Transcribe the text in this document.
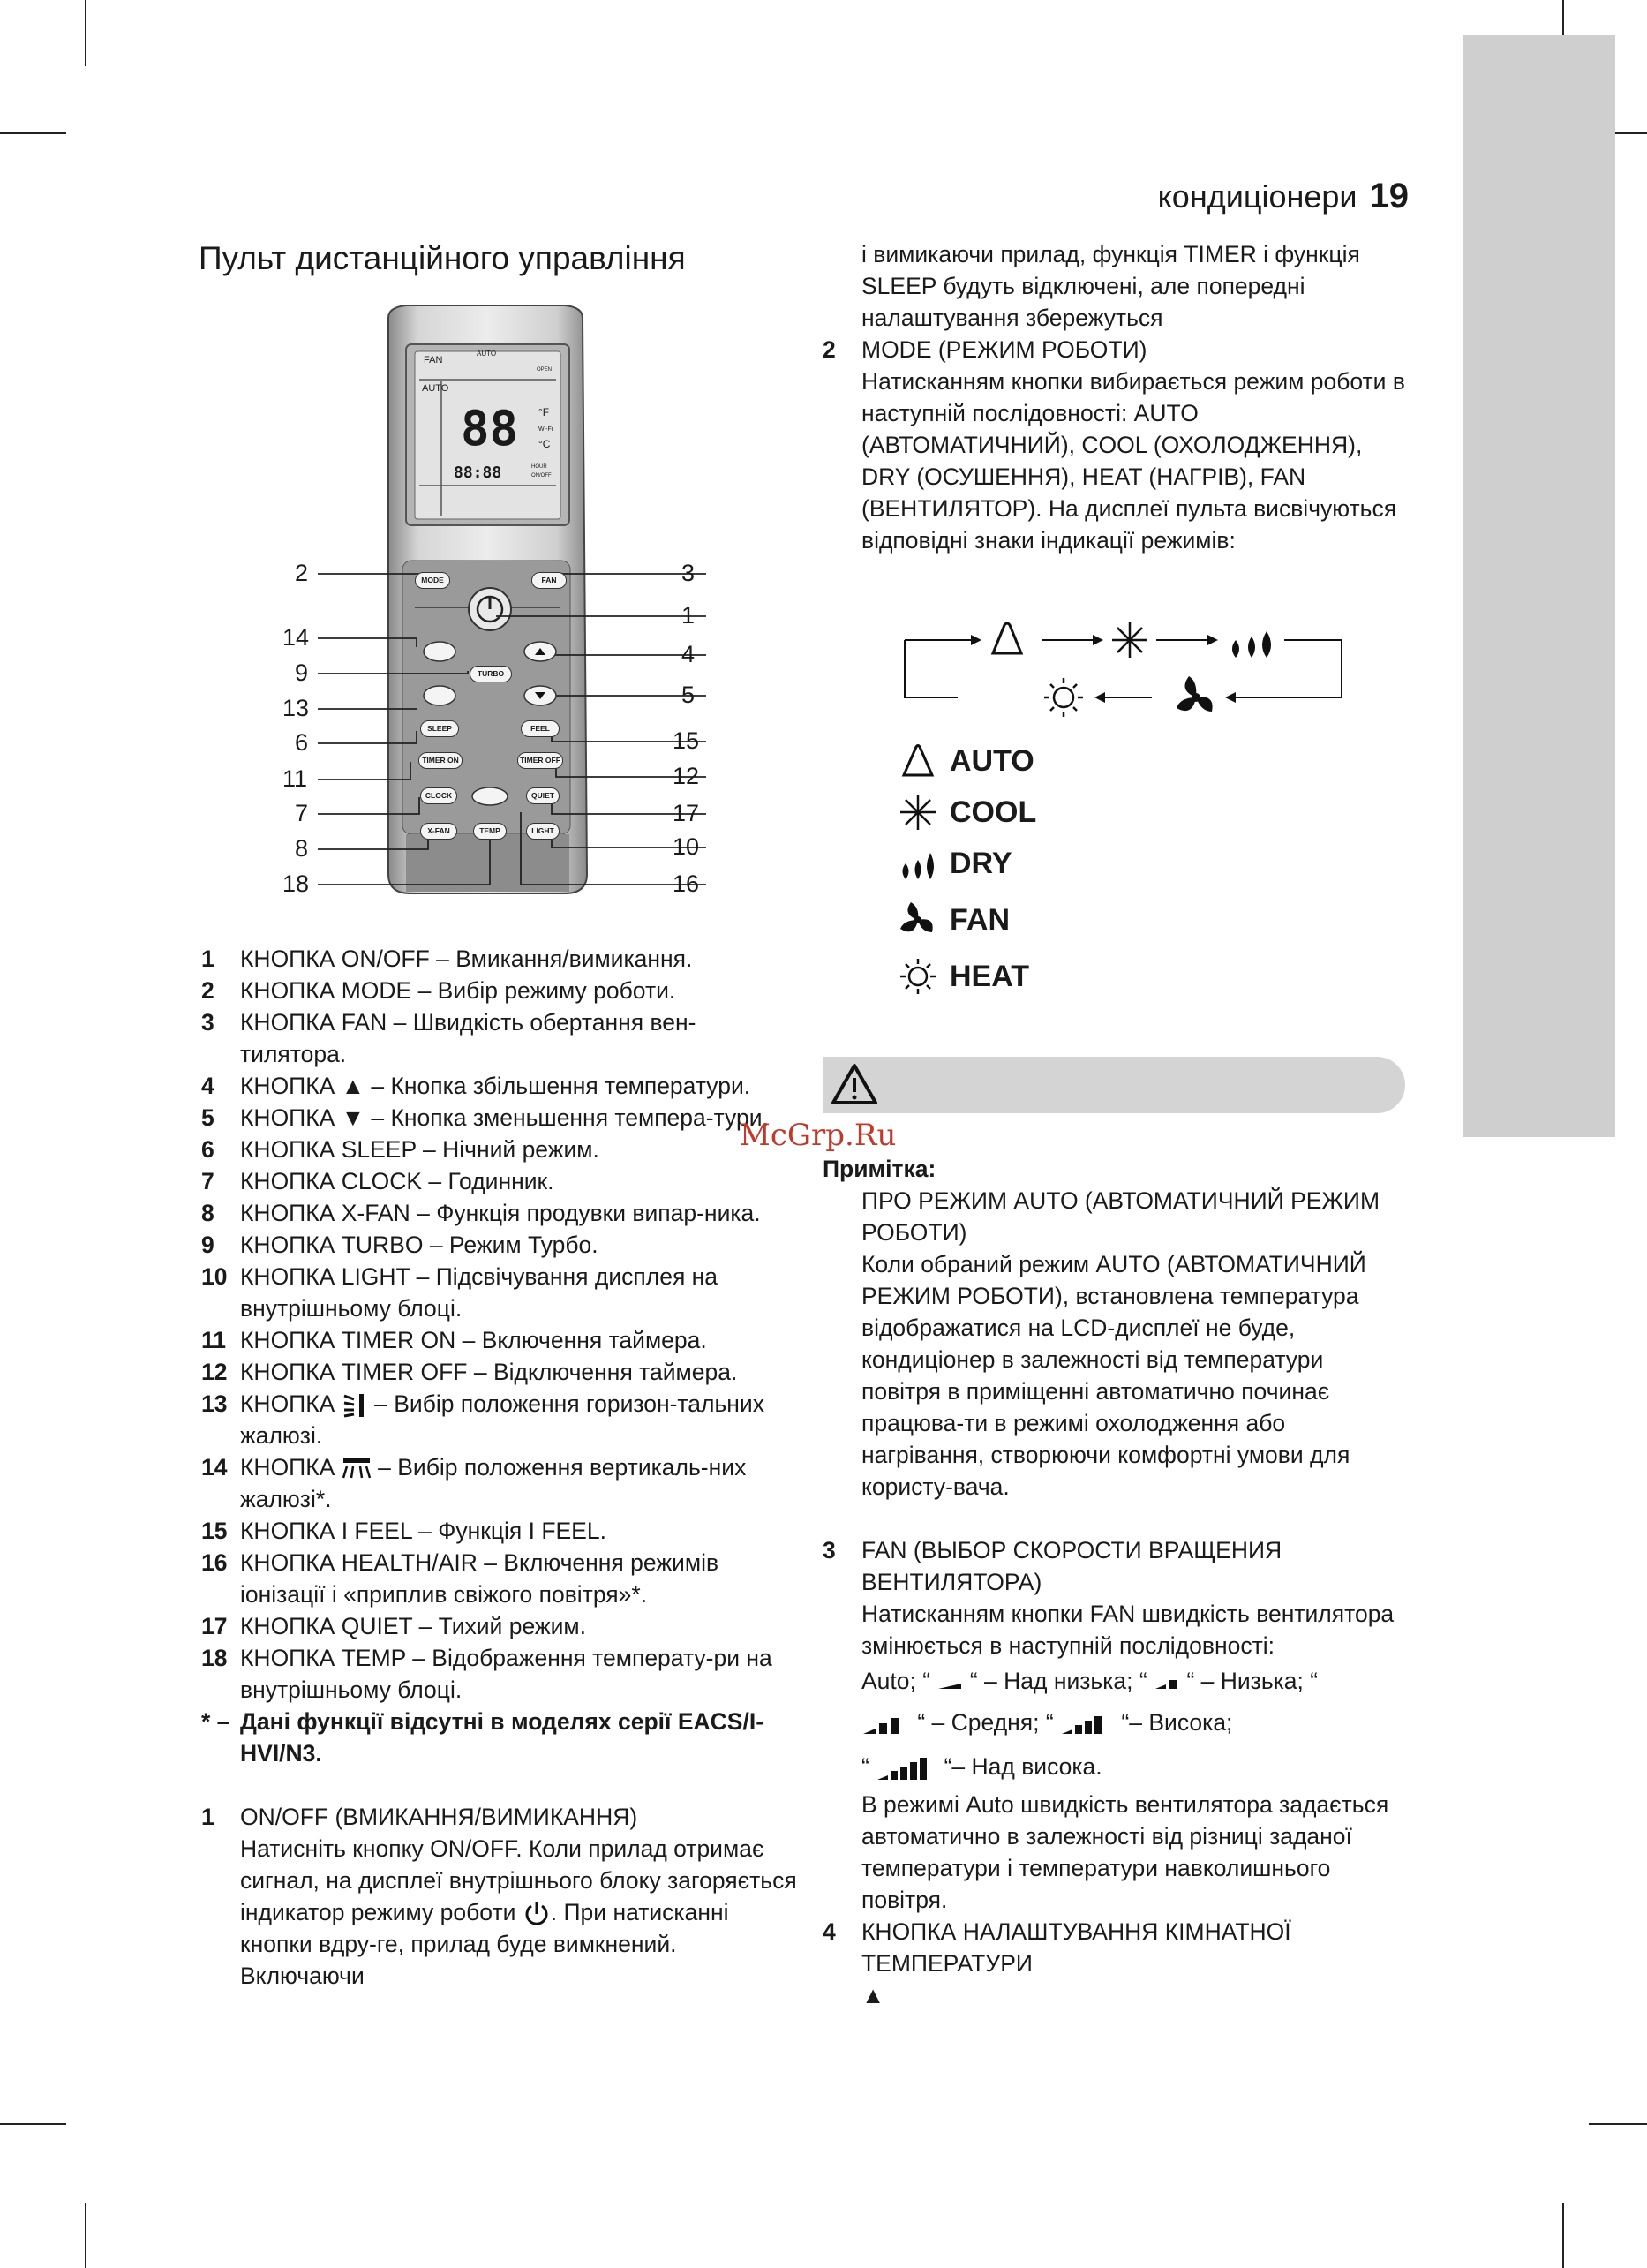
кондиціонери 19
Пульт дистанційного управління
FAN
AUTO
OPEN
AUTO
88 °F
Wi-Fi
°C
88:88	HOUR
ON/OFF
MODE	FAN
TURBO
SLEEP	FEEL
TIMER ON	TIMER OFF
CLOCK	QUIET
X-FAN	TEMP	LIGHT
2
14
9
13
6
11
7
8
18
3
1
4
5
15
12
17
10
16
1	КНОПКА ON/OFF – Вмикання/вимикання.
2	КНОПКА MODE – Вибір режиму роботи.
3	КНОПКА FAN – Швидкість обертання вен-тилятора.
4	КНОПКА ▲ – Кнопка збільшення температури.
5	КНОПКА ▼ – Кнопка зменьшення темпера-тури.
6	КНОПКА SLEEP – Нічний режим.
7	КНОПКА CLOCK – Годинник.
8	КНОПКА X-FAN – Функція продувки випар-ника.
9	КНОПКА TURBO – Режим Турбо.
10 КНОПКА LIGHT – Підсвічування дисплея на внутрішньому блоці.
11 КНОПКА TIMER ON – Включення таймера.
12 КНОПКА TIMER OFF – Відключення таймера.
13 КНОПКА – Вибір положення горизон-тальних жалюзі.
14 КНОПКА – Вибір положення вертикаль-них жалюзі*.
15 КНОПКА I FEEL – Функція I FEEL.
16 КНОПКА HEALTH/AIR – Включення режимів іонізації і «приплив свіжого повітря»*.
17 КНОПКА QUIET – Тихий режим.
18 КНОПКА TEMP – Відображення температу-ри на внутрішньому блоці.
* – Дані функції відсутні в моделях серії EACS/I-HVI/N3.
1	ON/OFF (ВМИКАННЯ/ВИМИКАННЯ)
Натисніть кнопку ON/OFF. Коли прилад отримає сигнал, на дисплеї внутрішнього блоку загоряється індикатор режиму роботи . При натисканні кнопки вдру-ге, прилад буде вимкнений. Включаючи
і вимикаючи прилад, функція TIMER і функція SLEEP будуть відключені, але попередні налаштування збережуться
2	MODE (РЕЖИМ РОБОТИ)
Натисканням кнопки вибирається режим роботи в наступній послідовності: AUTO (АВТОМАТИЧНИЙ), COOL (ОХОЛОДЖЕННЯ), DRY (ОСУШЕННЯ), HEAT (НАГРІВ), FAN (ВЕНТИЛЯТОР). На дисплеї пульта висвічуються відповідні знаки індикації режимів:
AUTO
COOL
DRY
FAN
HEAT
McGrp.Ru
Примітка:
ПРО РЕЖИМ AUTO (АВТОМАТИЧНИЙ РЕЖИМ РОБОТИ)
Коли обраний режим AUTO (АВТОМАТИЧНИЙ РЕЖИМ РОБОТИ), встановлена температура відображатися на LCD-дисплеї не буде, кондиціонер в залежності від температури повітря в приміщенні автоматично починає працюва-ти в режимі охолодження або нагрівання, створюючи комфортні умови для користу-вача.
3	FAN (ВЫБОР СКОРОСТИ ВРАЩЕНИЯ ВЕНТИЛЯТОРА)
Натисканням кнопки FAN швидкість вентилятора змінюється в наступній послідовності:
Auto; “ “ – Над низька; “ “ – Низька; “
“ – Средня; “	“– Висока;
“	“– Над висока.
В режимі Auto швидкість вентилятора задається автоматично в залежності від різниці заданої температури і температури навколишнього повітря.
4	КНОПКА НАЛАШТУВАННЯ КІМНАТНОЇ ТЕМПЕРАТУРИ
▲
